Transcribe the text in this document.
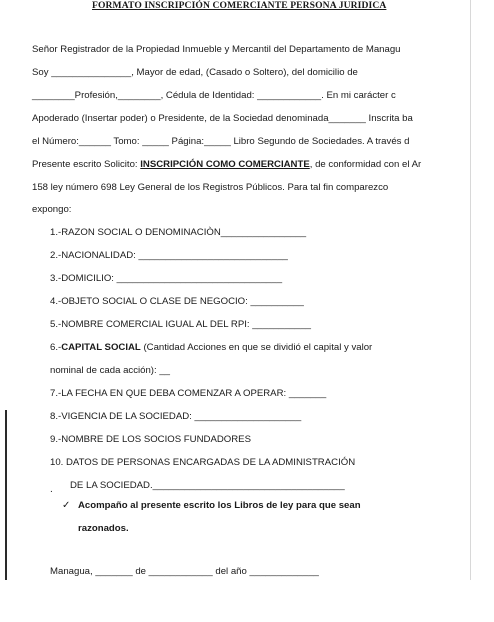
FORMATO INSCRIPCIÓN COMERCIANTE PERSONA JURIDICA
Señor Registrador de la Propiedad Inmueble y Mercantil del Departamento de Managu
Soy _______________, Mayor de edad, (Casado o Soltero), del domicilio de
________Profesión,________, Cédula de Identidad: ____________. En mi carácter c
Apoderado (Insertar poder) o Presidente, de la Sociedad denominada_______ Inscrita ba
el Número:______ Tomo: _____ Página:_____ Libro Segundo de Sociedades. A través d
Presente escrito Solicito: INSCRIPCIÓN COMO COMERCIANTE, de conformidad con el Ar
158 ley número 698 Ley General de los Registros Públicos. Para tal fin comparezco
expongo:
1.-RAZON SOCIAL O DENOMINACIÒN________________
2.-NACIONALIDAD: ____________________________
3.-DOMICILIO: _______________________________
4.-OBJETO SOCIAL O CLASE DE NEGOCIO: __________
5.-NOMBRE COMERCIAL IGUAL AL DEL RPI: ___________
6.-CAPITAL SOCIAL (Cantidad Acciones en que se dividió el capital y valor
nominal de cada acción): __
7.-LA FECHA EN QUE DEBA COMENZAR A OPERAR: _______
8.-VIGENCIA DE LA SOCIEDAD: ____________________
9.-NOMBRE DE LOS SOCIOS FUNDADORES
10. DATOS DE PERSONAS ENCARGADAS DE LA ADMINISTRACIÓN
DE LA SOCIEDAD.____________________________________
.
✓ Acompaño al presente escrito los Libros de ley para que sean
razonados.
Managua, _______ de ____________ del año _____________
